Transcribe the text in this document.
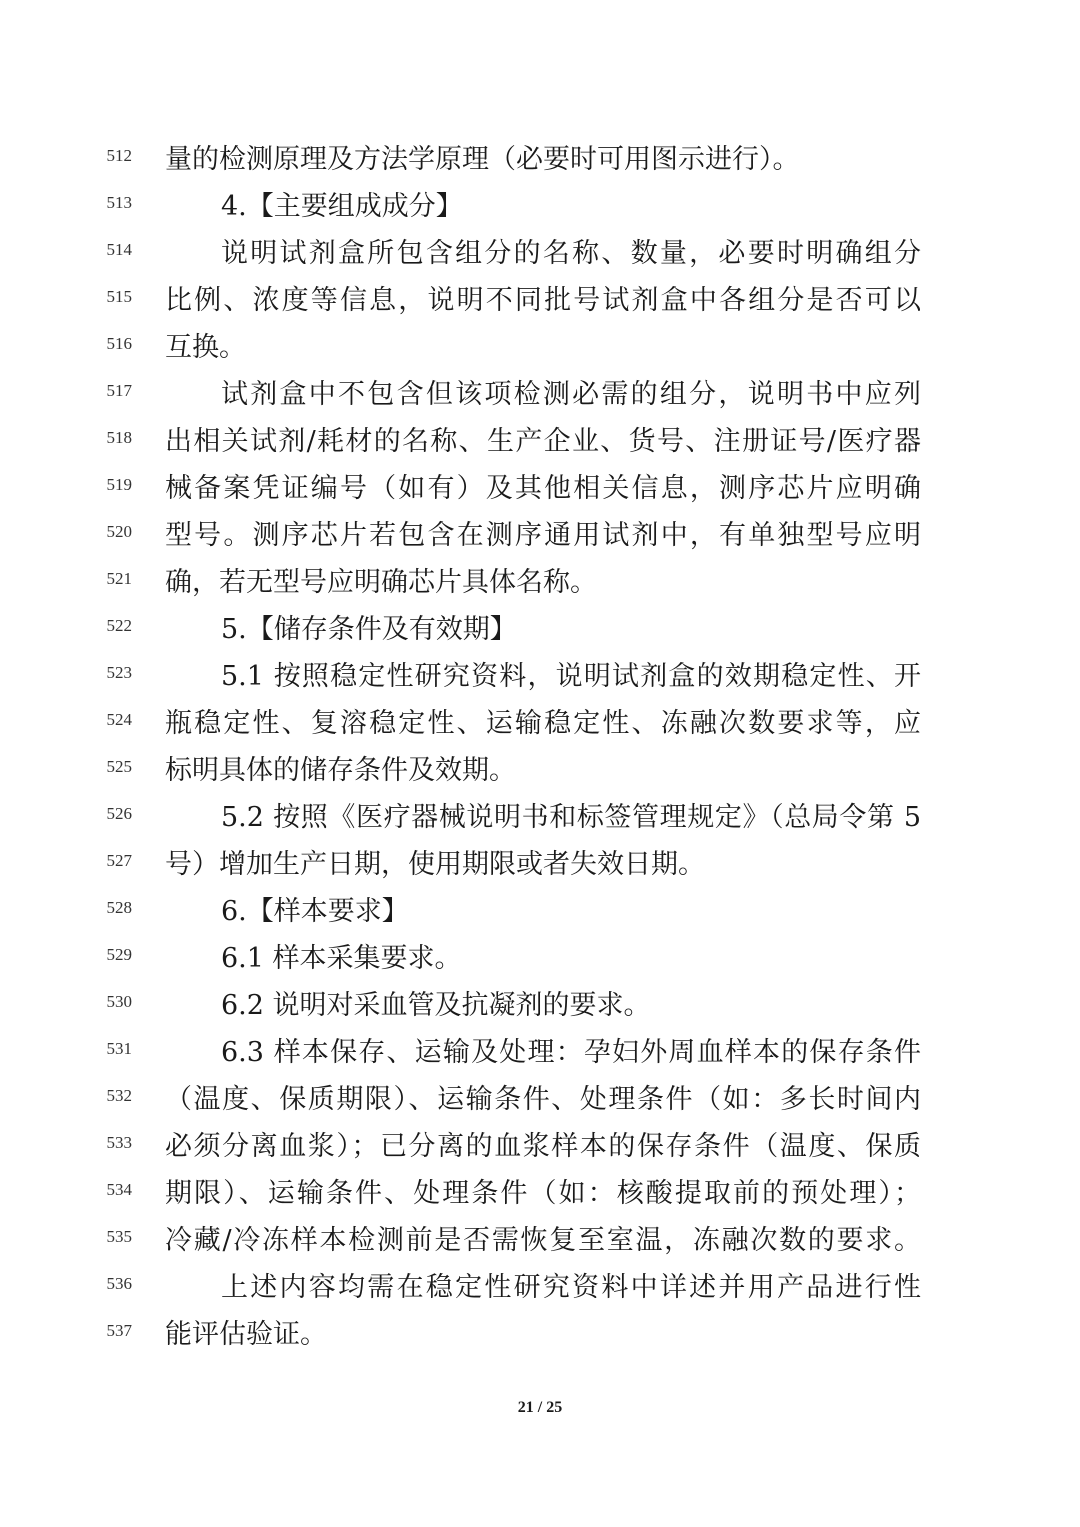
512 量的检测原理及方法学原理（必要时可用图示进行）。
513	4.【主要组成成分】
514	说明试剂盒所包含组分的名称、数量，必要时明确组分
515 比例、浓度等信息，说明不同批号试剂盒中各组分是否可以
516 互换。
517	试剂盒中不包含但该项检测必需的组分，说明书中应列
518 出相关试剂/耗材的名称、生产企业、货号、注册证号/医疗器
519 械备案凭证编号（如有）及其他相关信息，测序芯片应明确
520 型号。测序芯片若包含在测序通用试剂中，有单独型号应明
521 确，若无型号应明确芯片具体名称。
522	5.【储存条件及有效期】
523	5.1 按照稳定性研究资料，说明试剂盒的效期稳定性、开
524 瓶稳定性、复溶稳定性、运输稳定性、冻融次数要求等，应
525 标明具体的储存条件及效期。
526	5.2 按照《医疗器械说明书和标签管理规定》（总局令第 5
527 号）增加生产日期，使用期限或者失效日期。
528	6.【样本要求】
529	6.1 样本采集要求。
530	6.2 说明对采血管及抗凝剂的要求。
531	6.3 样本保存、运输及处理：孕妇外周血样本的保存条件
532 （温度、保质期限）、运输条件、处理条件（如：多长时间内
533 必须分离血浆）；已分离的血浆样本的保存条件（温度、保质
534 期限）、运输条件、处理条件（如：核酸提取前的预处理）；
535 冷藏/冷冻样本检测前是否需恢复至室温，冻融次数的要求。
536	上述内容均需在稳定性研究资料中详述并用产品进行性
537 能评估验证。
21 / 25
